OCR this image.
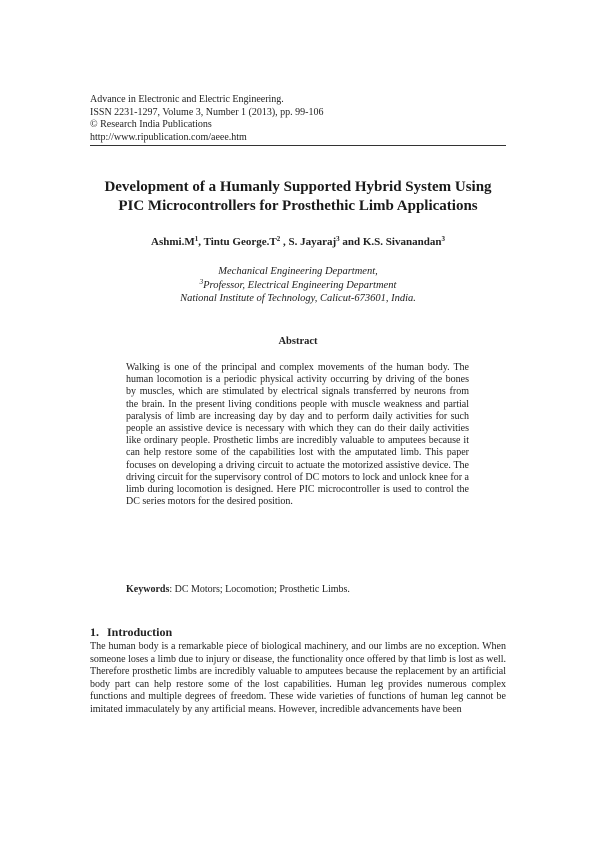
Advance in Electronic and Electric Engineering.
ISSN 2231-1297, Volume 3, Number 1 (2013), pp. 99-106
© Research India Publications
http://www.ripublication.com/aeee.htm
Development of a Humanly Supported Hybrid System Using
PIC Microcontrollers for Prosthethic Limb Applications
$Ashmi.M^1$, Tintu $George.T^2$ , S. Jayaraj$^3$ and K.S. Sivanandan$^3$
Mechanical Engineering Department,
$^3$Professor, Electrical Engineering Department
National Institute of Technology, Calicut-673601, India.
Abstract
Walking is one of the principal and complex movements of the human body. The human locomotion is a periodic physical activity occurring by driving of the bones by muscles, which are stimulated by electrical signals transferred by neurons from the brain. In the present living conditions people with muscle weakness and partial paralysis of limb are increasing day by day and to perform daily activities for such people an assistive device is necessary with which they can do their daily activities like ordinary people. Prosthetic limbs are incredibly valuable to amputees because it can help restore some of the capabilities lost with the amputated limb. This paper focuses on developing a driving circuit to actuate the motorized assistive device. The driving circuit for the supervisory control of DC motors to lock and unlock knee for a limb during locomotion is designed. Here PIC microcontroller is used to control the DC series motors for the desired position.
Keywords: DC Motors; Locomotion; Prosthetic Limbs.
1. Introduction
The human body is a remarkable piece of biological machinery, and our limbs are no exception. When someone loses a limb due to injury or disease, the functionality once offered by that limb is lost as well. Therefore prosthetic limbs are incredibly valuable to amputees because the replacement by an artificial body part can help restore some of the lost capabilities. Human leg provides numerous complex functions and multiple degrees of freedom. These wide varieties of functions of human leg cannot be imitated immaculately by any artificial means. However, incredible advancements have been
